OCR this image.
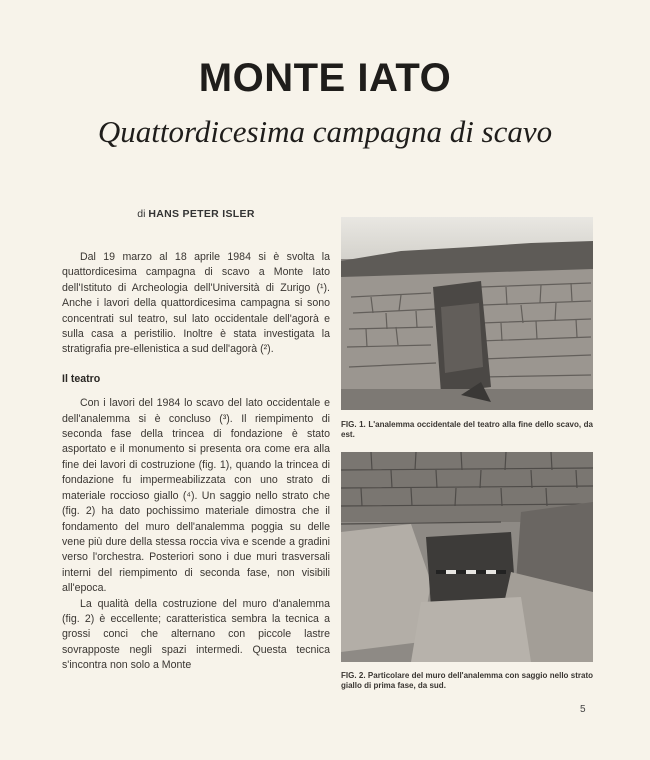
MONTE IATO
Quattordicesima campagna di scavo
di HANS PETER ISLER

Dal 19 marzo al 18 aprile 1984 si è svolta la quattordicesima campagna di scavo a Monte Iato dell'Istituto di Archeologia dell'Università di Zurigo (¹). Anche i lavori della quattordicesima campagna si sono concentrati sul teatro, sul lato occidentale dell'agorà e sulla casa a peristilio. Inoltre è stata investigata la stratigrafia pre-ellenistica a sud dell'agorà (²).

Il teatro

Con i lavori del 1984 lo scavo del lato occidentale e dell'analemma si è concluso (³). Il riempimento di seconda fase della trincea di fondazione è stato asportato e il monumento si presenta ora come era alla fine dei lavori di costruzione (fig. 1), quando la trincea di fondazione fu impermeabilizzata con uno strato di materiale roccioso giallo (⁴). Un saggio nello strato che (fig. 2) ha dato pochissimo materiale dimostra che il fondamento del muro dell'analemma poggia su delle vene più dure della stessa roccia viva e scende a gradini verso l'orchestra. Posteriori sono i due muri trasversali interni del riempimento di seconda fase, non visibili all'epoca.

La qualità della costruzione del muro d'analemma (fig. 2) è eccellente; caratteristica sembra la tecnica a grossi conci che alternano con piccole lastre sovrapposte negli spazi intermedi. Questa tecnica s'incontra non solo a Monte

FIG. 1. L'analemma occidentale del teatro alla fine dello scavo, da est.
FIG. 2. Particolare del muro dell'analemma con saggio nello strato giallo di prima fase, da sud.
5
